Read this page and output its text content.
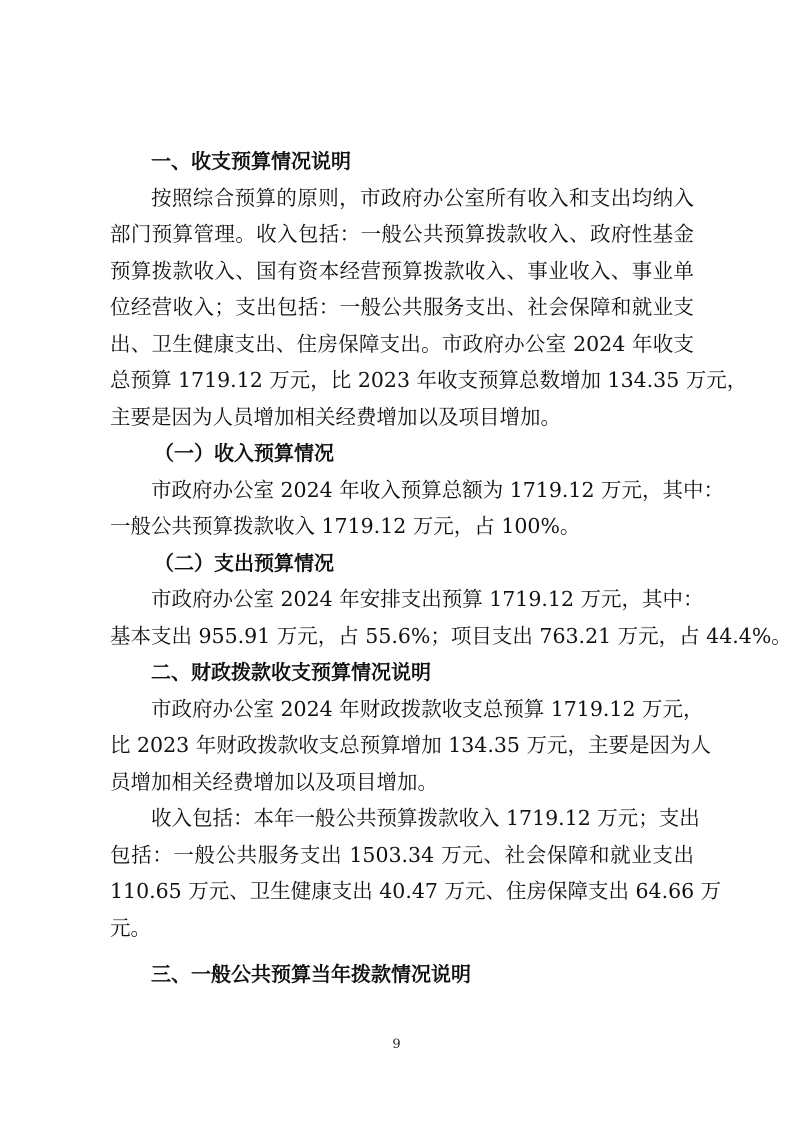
一、收支预算情况说明
按照综合预算的原则，市政府办公室所有收入和支出均纳入
部门预算管理。收入包括：一般公共预算拨款收入、政府性基金
预算拨款收入、国有资本经营预算拨款收入、事业收入、事业单
位经营收入；支出包括：一般公共服务支出、社会保障和就业支
出、卫生健康支出、住房保障支出。市政府办公室 2024 年收支
总预算 1719.12 万元，比 2023 年收支预算总数增加 134.35 万元，
主要是因为人员增加相关经费增加以及项目增加。
（一）收入预算情况
市政府办公室 2024 年收入预算总额为 1719.12 万元，其中：
一般公共预算拨款收入 1719.12 万元，占 100%。
（二）支出预算情况
市政府办公室 2024 年安排支出预算 1719.12 万元，其中：
基本支出 955.91 万元，占 55.6%；项目支出 763.21 万元，占 44.4%。
二、财政拨款收支预算情况说明
市政府办公室 2024 年财政拨款收支总预算 1719.12 万元，
比 2023 年财政拨款收支总预算增加 134.35 万元，主要是因为人
员增加相关经费增加以及项目增加。
收入包括：本年一般公共预算拨款收入 1719.12 万元；支出
包括：一般公共服务支出 1503.34 万元、社会保障和就业支出
110.65 万元、卫生健康支出 40.47 万元、住房保障支出 64.66 万
元。
三、一般公共预算当年拨款情况说明
9
